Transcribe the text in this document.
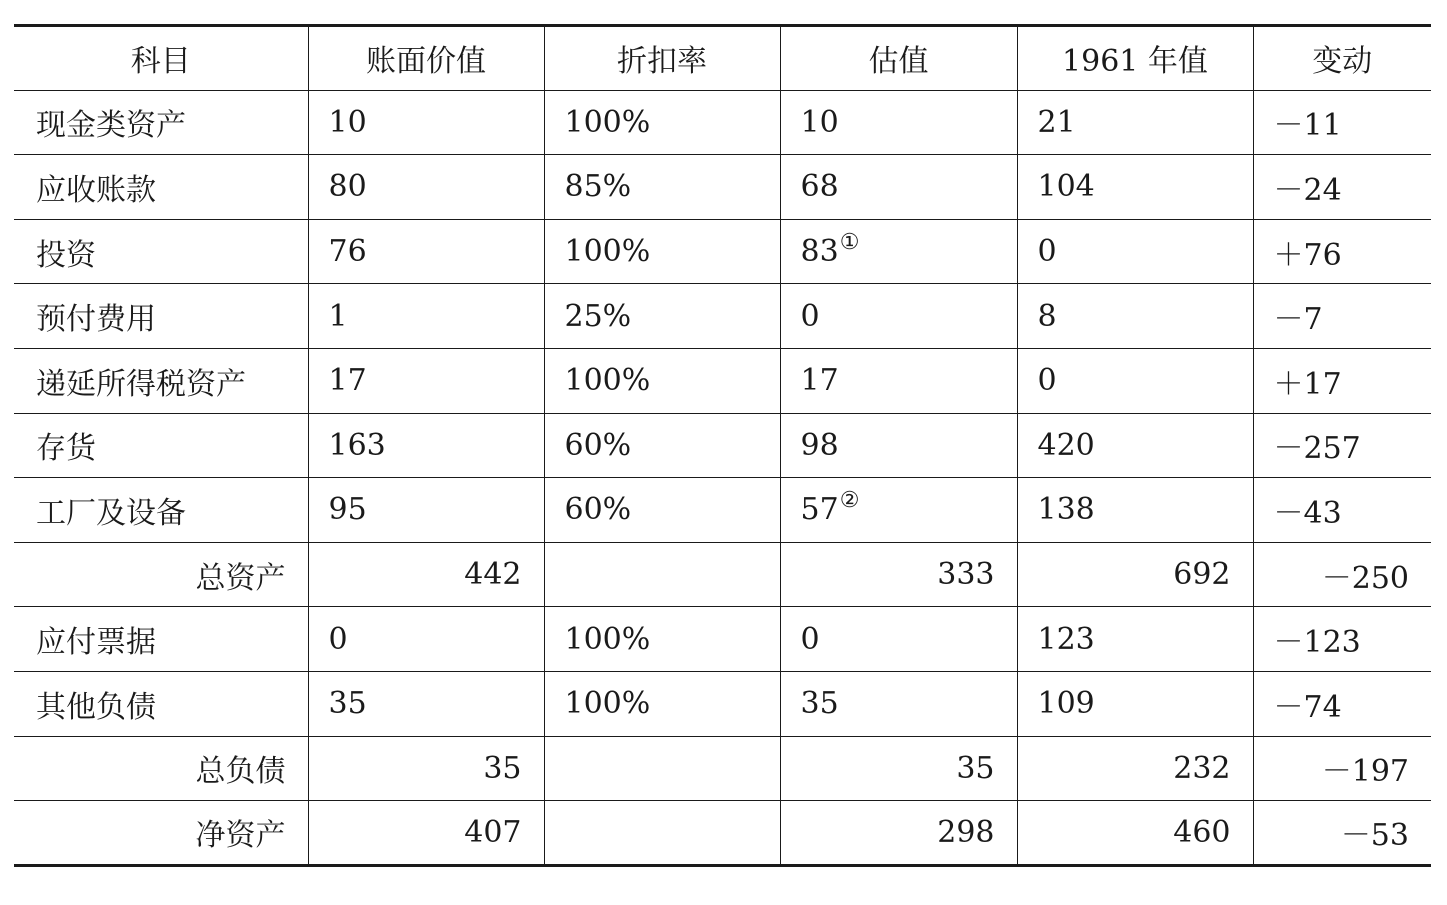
科目	账面价值	折扣率	估值	1961 年值	变动
现金类资产	10	100%	10	21	－11
应收账款	80	85%	68	104	－24
投资	76	100%	83①	0	＋76
预付费用	1	25%	0	8	－7
递延所得税资产	17	100%	17	0	＋17
存货	163	60%	98	420	－257
工厂及设备	95	60%	57②	138	－43
总资产	442		333	692	－250
应付票据	0	100%	0	123	－123
其他负债	35	100%	35	109	－74
总负债	35		35	232	－197
净资产	407		298	460	－53
